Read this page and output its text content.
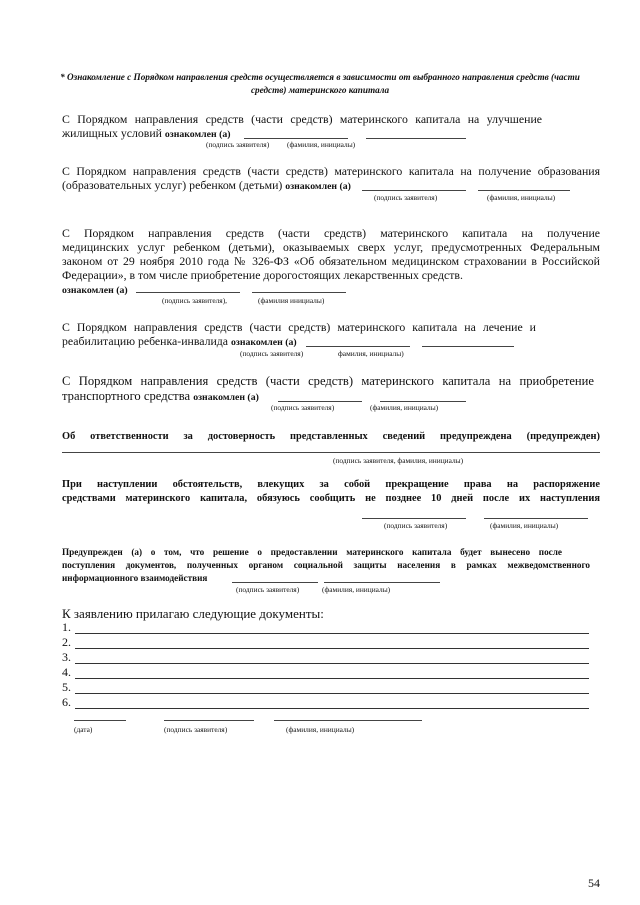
* Ознакомление с Порядком направления средств осуществляется в зависимости от выбранного направления средств (части средств) материнского капитала
С Порядком направления средств (части средств) материнского капитала на улучшение
жилищных условий ознакомлен (а)
(подпись заявителя) (фамилия, инициалы)
С Порядком направления средств (части средств) материнского капитала на получение образования
(образовательных услуг) ребенком (детьми) ознакомлен (а)
(подпись заявителя)	(фамилия, инициалы)
С Порядком направления средств (части средств) материнского капитала на получение
медицинских услуг ребенком (детьми), оказываемых сверх услуг, предусмотренных Федеральным
законом от 29 ноября 2010 года № 326-ФЗ «Об обязательном медицинском страховании в Российской
Федерации», в том числе приобретение дорогостоящих лекарственных средств.
ознакомлен (а)
(подпись заявителя),	(фамилия инициалы)
С Порядком направления средств (части средств) материнского капитала на лечение и
реабилитацию ребенка-инвалида ознакомлен (а)
(подпись заявителя)	фамилия, инициалы)
С Порядком направления средств (части средств) материнского капитала на приобретение
транспортного средства ознакомлен (а)
(подпись заявителя)	(фамилия, инициалы)
Об ответственности за достоверность представленных сведений предупреждена (предупрежден)
(подпись заявителя, фамилия, инициалы)
При наступлении обстоятельств, влекущих за собой прекращение права на распоряжение
средствами материнского капитала, обязуюсь сообщить не позднее 10 дней после их наступления
(подпись заявителя)	(фамилия, инициалы)
Предупрежден (а) о том, что решение о предоставлении материнского капитала будет вынесено после
поступления документов, полученных органом социальной защиты населения в рамках межведомственного
информационного взаимодействия
(подпись заявителя)	(фамилия, инициалы)
К заявлению прилагаю следующие документы:
1.
2.
3.
4.
5.
6.
(дата)	(подпись заявителя)	(фамилия, инициалы)
54
